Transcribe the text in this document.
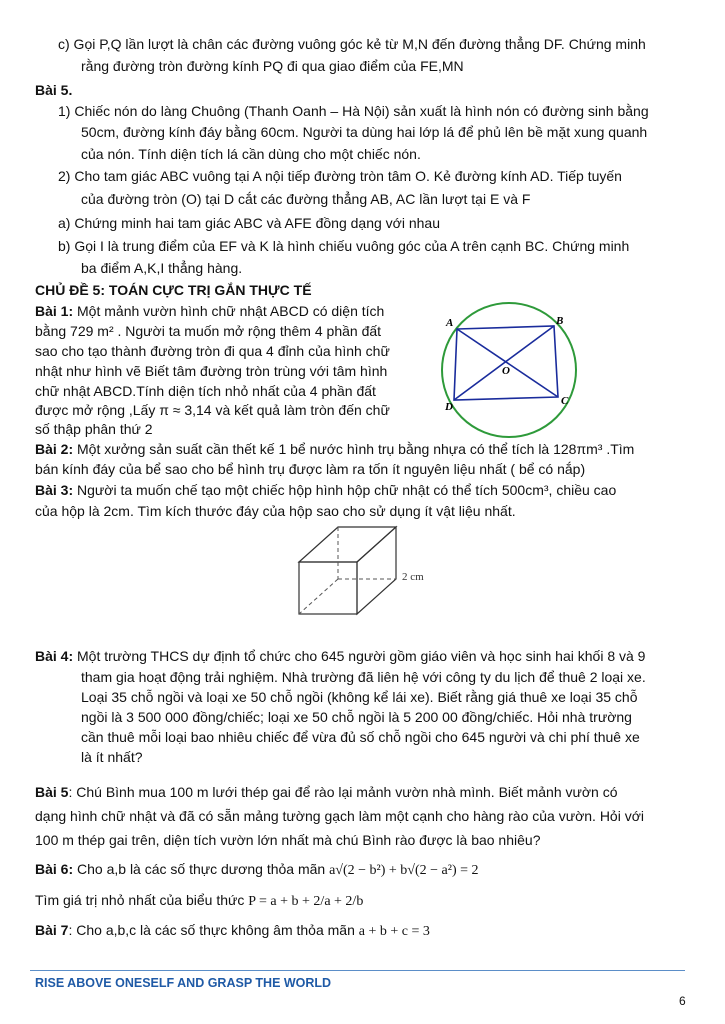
c) Gọi P,Q lần lượt là chân các đường vuông góc kẻ từ M,N đến đường thẳng DF. Chứng minh
rằng đường tròn đường kính PQ đi qua giao điểm của FE,MN
Bài 5.
1) Chiếc nón do làng Chuông (Thanh Oanh – Hà Nội) sản xuất là hình nón có đường sinh bằng
50cm, đường kính đáy bằng 60cm. Người ta dùng hai lớp lá để phủ lên bề mặt xung quanh
của nón. Tính diện tích lá cần dùng cho một chiếc nón.
2) Cho tam giác ABC vuông tại A nội tiếp đường tròn tâm O. Kẻ đường kính AD. Tiếp tuyến
của đường tròn (O) tại D cắt các đường thẳng AB, AC lần lượt tại E và F
a) Chứng minh hai tam giác ABC và AFE đồng dạng với nhau
b) Gọi I là trung điểm của EF và K là hình chiếu vuông góc của A trên cạnh BC. Chứng minh
ba điểm A,K,I thẳng hàng.
CHỦ ĐỀ 5: TOÁN CỰC TRỊ GẮN THỰC TẾ
Bài 1: Một mảnh vườn hình chữ nhật ABCD có diện tích
bằng 729 m² . Người ta muốn mở rộng thêm 4 phần đất
sao cho tạo thành đường tròn đi qua 4 đỉnh của hình chữ
nhật như hình vẽ Biết tâm đường tròn trùng với tâm hình
chữ nhật ABCD.Tính diện tích nhỏ nhất của 4 phần đất
được mở rộng ,Lấy π ≈ 3,14 và kết quả làm tròn đến chữ
số thập phân thứ 2
A	B
C
D
O
Bài 2: Một xưởng sản suất cần thết kế 1 bể nước hình trụ bằng nhựa có thể tích là 128πm³ .Tìm
bán kính đáy của bể sao cho bể hình trụ được làm ra tốn ít nguyên liệu nhất ( bể có nắp)
Bài 3: Người ta muốn chế tạo một chiếc hộp hình hộp chữ nhật có thể tích 500cm³, chiều cao
của hộp là 2cm. Tìm kích thước đáy của hộp sao cho sử dụng ít vật liệu nhất.
2 cm
Bài 4: Một trường THCS dự định tổ chức cho 645 người gồm giáo viên và học sinh hai khối 8 và 9
tham gia hoạt động trải nghiệm. Nhà trường đã liên hệ với công ty du lịch để thuê 2 loại xe.
Loại 35 chỗ ngồi và loại xe 50 chỗ ngồi (không kể lái xe). Biết rằng giá thuê xe loại 35 chỗ
ngồi là 3 500 000 đồng/chiếc; loại xe 50 chỗ ngồi là 5 200 00 đồng/chiếc. Hỏi nhà trường
cần thuê mỗi loại bao nhiêu chiếc để vừa đủ số chỗ ngồi cho 645 người và chi phí thuê xe
là ít nhất?
Bài 5: Chú Bình mua 100 m lưới thép gai để rào lại mảnh vườn nhà mình. Biết mảnh vườn có
dạng hình chữ nhật và đã có sẵn mảng tường gạch làm một cạnh cho hàng rào của vườn. Hỏi với
100 m thép gai trên, diện tích vườn lớn nhất mà chú Bình rào được là bao nhiêu?
Bài 6: Cho a,b là các số thực dương thỏa mãn a√(2 − b²) + b√(2 − a²) = 2
Tìm giá trị nhỏ nhất của biểu thức P = a + b + 2/a + 2/b
Bài 7: Cho a,b,c là các số thực không âm thỏa mãn a + b + c = 3
RISE ABOVE ONESELF AND GRASP THE WORLD
6
